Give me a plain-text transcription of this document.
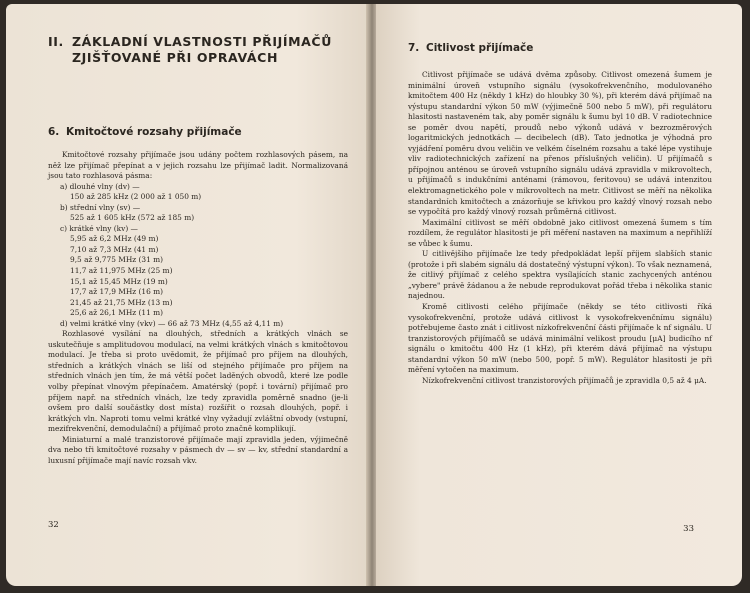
II. ZÁKLADNÍ VLASTNOSTI PŘIJÍMAČŮ
ZJIŠŤOVANÉ PŘI OPRAVÁCH
6. Kmitočtové rozsahy přijímače

Kmitočtové rozsahy přijímače jsou udány počtem rozhlasových pásem, na něž lze přijímač přepínat a v jejich rozsahu lze přijímač ladit. Normalizovaná jsou tato rozhlasová pásma:

a) dlouhé vlny (dv) —
150 až 285 kHz (2 000 až 1 050 m)
b) střední vlny (sv) —
525 až 1 605 kHz (572 až 185 m)
c) krátké vlny (kv) —
5,95 až 6,2 MHz (49 m)
7,10 až 7,3 MHz (41 m)
9,5 až 9,775 MHz (31 m)
11,7 až 11,975 MHz (25 m)
15,1 až 15,45 MHz (19 m)
17,7 až 17,9 MHz (16 m)
21,45 až 21,75 MHz (13 m)
25,6 až 26,1 MHz (11 m)
d) velmi krátké vlny (vkv) — 66 až 73 MHz (4,55 až 4,11 m)

Rozhlasové vysílání na dlouhých, středních a krátkých vlnách se uskutečňuje s amplitudovou modulací, na velmi krátkých vlnách s kmitočtovou modulací. Je třeba si proto uvědomit, že přijímač pro příjem na dlouhých, středních a krátkých vlnách se liší od stejného přijímače pro příjem na středních vlnách jen tím, že má větší počet laděných obvodů, které lze podle volby přepínat vlnovým přepínačem. Amatérský (popř. i tovární) přijímač pro příjem např. na středních vlnách, lze tedy zpravidla poměrně snadno (je-li ovšem pro další součástky dost místa) rozšířit o rozsah dlouhých, popř. i krátkých vln. Naproti tomu velmi krátké vlny vyžadují zvláštní obvody (vstupní, mezifrekvenční, demodulační) a přijímač proto značně komplikují.

Miniaturní a malé tranzistorové přijímače mají zpravidla jeden, výjimečně dva nebo tři kmitočtové rozsahy v pásmech dv — sv — kv, střední standardní a luxusní přijímače mají navíc rozsah vkv.

32
7. Citlivost přijímače

Citlivost přijímače se udává dvěma způsoby. Citlivost omezená šumem je minimální úroveň vstupního signálu (vysokofrekvenčního, modulovaného kmitočtem 400 Hz (někdy 1 kHz) do hloubky 30 %), při kterém dává přijímač na výstupu standardní výkon 50 mW (výjimečně 500 nebo 5 mW), při regulátoru hlasitosti nastaveném tak, aby poměr signálu k šumu byl 10 dB. V radiotechnice se poměr dvou napětí, proudů nebo výkonů udává v bezrozměrových logaritmických jednotkách — decibelech (dB). Tato jednotka je výhodná pro vyjádření poměru dvou veličin ve velkém číselném rozsahu a také lépe vystihuje vliv radiotechnických zařízení na přenos příslušných veličin). U přijímačů s přípojnou anténou se úroveň vstupního signálu udává zpravidla v mikrovoltech, u přijímačů s indukčními anténami (rámovou, feritovou) se udává intenzitou elektromagnetického pole v mikrovoltech na metr. Citlivost se měří na několika standardních kmitočtech a znázorňuje se křivkou pro každý vlnový rozsah nebo se vypočítá pro každý vlnový rozsah průměrná citlivost.

Maximální citlivost se měří obdobně jako citlivost omezená šumem s tím rozdílem, že regulátor hlasitosti je při měření nastaven na maximum a nepřihlíží se vůbec k šumu.

U citlivějšího přijímače lze tedy předpokládat lepší příjem slabších stanic (protože i při slabém signálu dá dostatečný výstupní výkon). To však neznamená, že citlivý přijímač z celého spektra vysílajících stanic zachycených anténou „vybere" právě žádanou a že nebude reprodukovat pořád třeba i několika stanic najednou.

Kromě citlivosti celého přijímače (někdy se této citlivosti říká vysokofrekvenční, protože udává citlivost k vysokofrekvenčnímu signálu) potřebujeme často znát i citlivost nízkofrekvenční části přijímače k nf signálu. U tranzistorových přijímačů se udává minimální velikost proudu [μA] budicího nf signálu o kmitočtu 400 Hz (1 kHz), při kterém dává přijímač na výstupu standardní výkon 50 mW (nebo 500, popř. 5 mW). Regulátor hlasitosti je při měření vytočen na maximum.

Nízkofrekvenční citlivost tranzistorových přijímačů je zpravidla 0,5 až 4 μA.

33
